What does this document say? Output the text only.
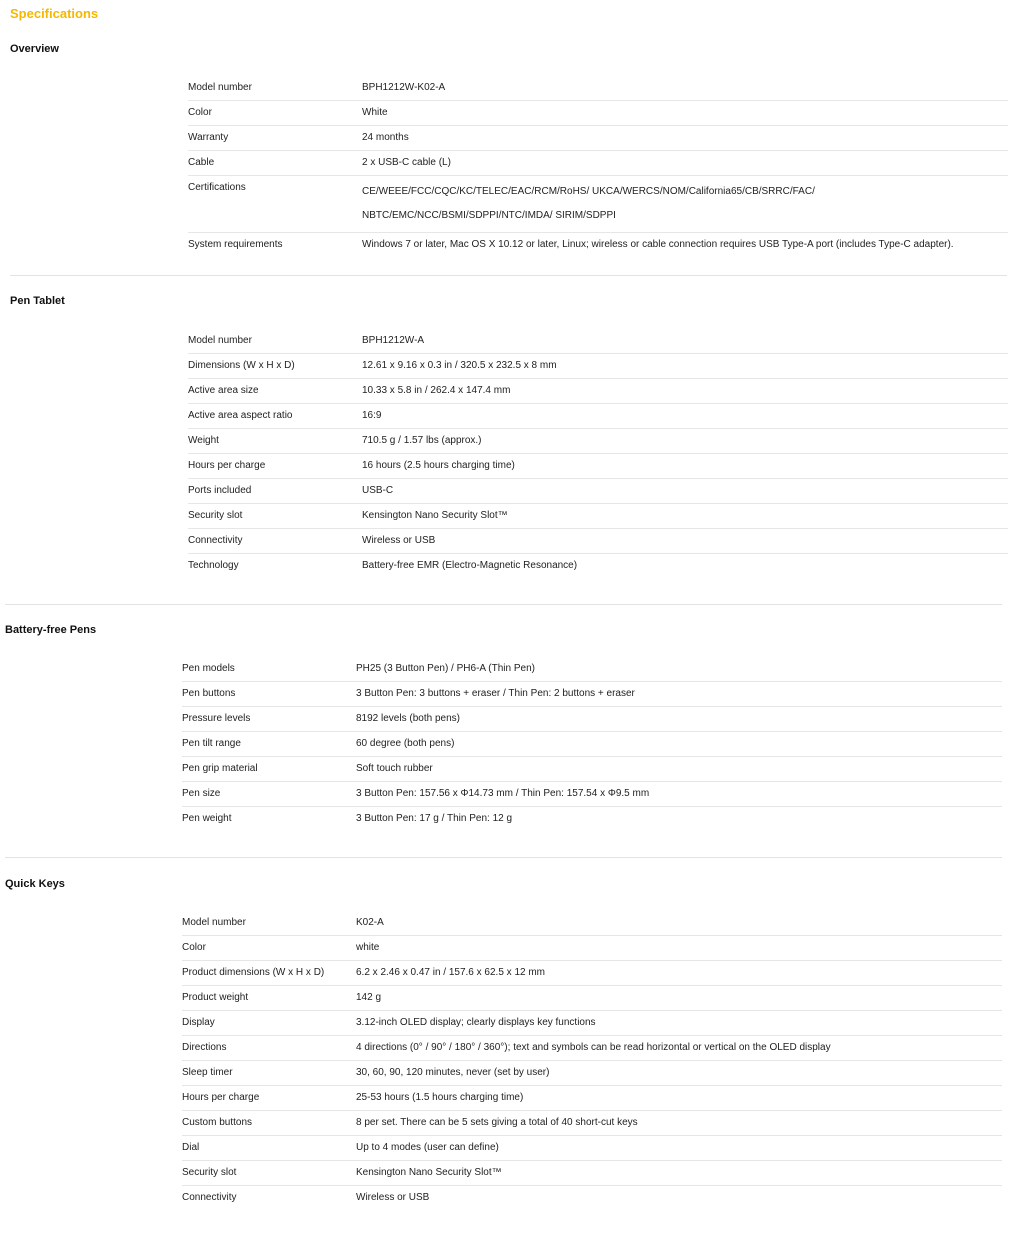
Specifications
Overview
Model number	BPH1212W-K02-A
Color	White
Warranty	24 months
Cable	2 x USB-C cable (L)
Certifications	CE/WEEE/FCC/CQC/KC/TELEC/EAC/RCM/RoHS/ UKCA/WERCS/NOM/California65/CB/SRRC/FAC/ NBTC/EMC/NCC/BSMI/SDPPI/NTC/IMDA/ SIRIM/SDPPI
System requirements	Windows 7 or later, Mac OS X 10.12 or later, Linux; wireless or cable connection requires USB Type-A port (includes Type-C adapter).
Pen Tablet
Model number	BPH1212W-A
Dimensions (W x H x D)	12.61 x 9.16 x 0.3 in / 320.5 x 232.5 x 8 mm
Active area size	10.33 x 5.8 in / 262.4 x 147.4 mm
Active area aspect ratio	16:9
Weight	710.5 g / 1.57 lbs (approx.)
Hours per charge	16 hours (2.5 hours charging time)
Ports included	USB-C
Security slot	Kensington Nano Security Slot™
Connectivity	Wireless or USB
Technology	Battery-free EMR (Electro-Magnetic Resonance)
Battery-free Pens
Pen models	PH25 (3 Button Pen) / PH6-A (Thin Pen)
Pen buttons	3 Button Pen: 3 buttons + eraser / Thin Pen: 2 buttons + eraser
Pressure levels	8192 levels (both pens)
Pen tilt range	60 degree (both pens)
Pen grip material	Soft touch rubber
Pen size	3 Button Pen: 157.56 x Φ14.73 mm / Thin Pen: 157.54 x Φ9.5 mm
Pen weight	3 Button Pen: 17 g / Thin Pen: 12 g
Quick Keys
Model number	K02-A
Color	white
Product dimensions (W x H x D)	6.2 x 2.46 x 0.47 in / 157.6 x 62.5 x 12 mm
Product weight	142 g
Display	3.12-inch OLED display; clearly displays key functions
Directions	4 directions (0° / 90° / 180° / 360°); text and symbols can be read horizontal or vertical on the OLED display
Sleep timer	30, 60, 90, 120 minutes, never (set by user)
Hours per charge	25-53 hours (1.5 hours charging time)
Custom buttons	8 per set. There can be 5 sets giving a total of 40 short-cut keys
Dial	Up to 4 modes (user can define)
Security slot	Kensington Nano Security Slot™
Connectivity	Wireless or USB
